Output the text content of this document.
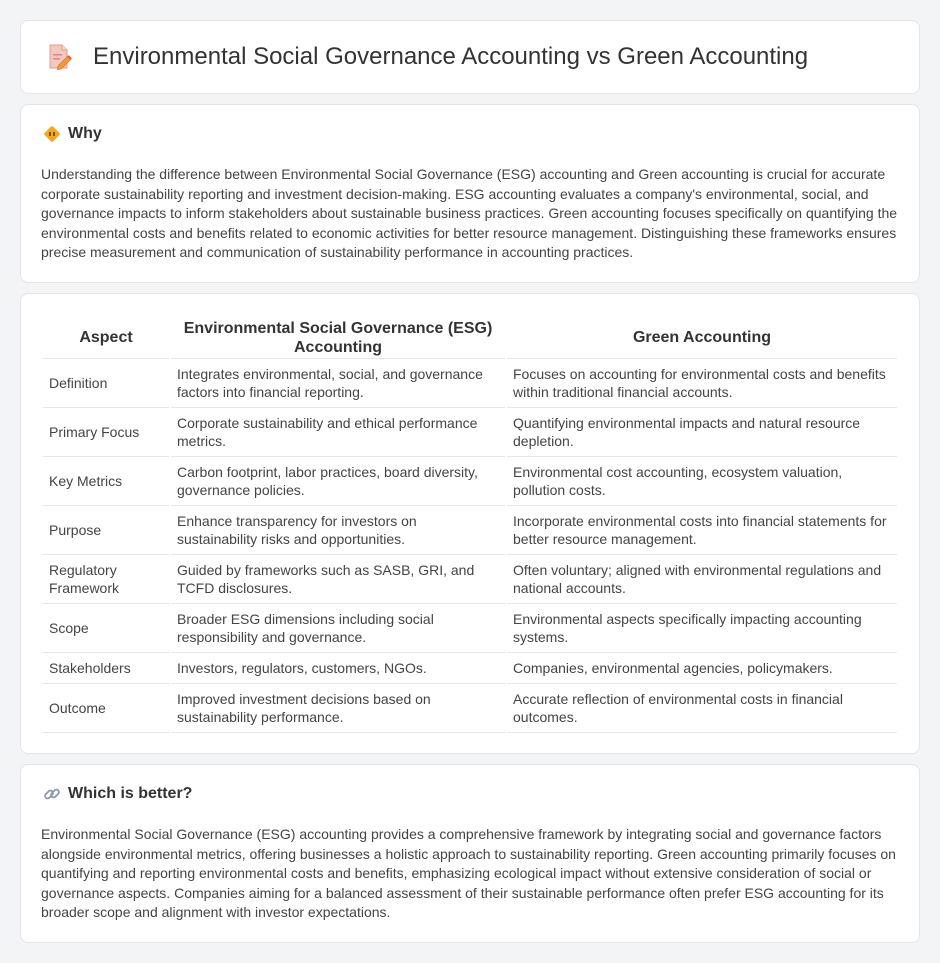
Environmental Social Governance Accounting vs Green Accounting
Why

Understanding the difference between Environmental Social Governance (ESG) accounting and Green accounting is crucial for accurate corporate sustainability reporting and investment decision-making. ESG accounting evaluates a company's environmental, social, and governance impacts to inform stakeholders about sustainable business practices. Green accounting focuses specifically on quantifying the environmental costs and benefits related to economic activities for better resource management. Distinguishing these frameworks ensures precise measurement and communication of sustainability performance in accounting practices.

Aspect	Environmental Social Governance (ESG) Accounting	Green Accounting
Definition	Integrates environmental, social, and governance factors into financial reporting.	Focuses on accounting for environmental costs and benefits within traditional financial accounts.
Primary Focus	Corporate sustainability and ethical performance metrics.	Quantifying environmental impacts and natural resource depletion.
Key Metrics	Carbon footprint, labor practices, board diversity, governance policies.	Environmental cost accounting, ecosystem valuation, pollution costs.
Purpose	Enhance transparency for investors on sustainability risks and opportunities.	Incorporate environmental costs into financial statements for better resource management.
Regulatory Framework	Guided by frameworks such as SASB, GRI, and TCFD disclosures.	Often voluntary; aligned with environmental regulations and national accounts.
Scope	Broader ESG dimensions including social responsibility and governance.	Environmental aspects specifically impacting accounting systems.
Stakeholders	Investors, regulators, customers, NGOs.	Companies, environmental agencies, policymakers.
Outcome	Improved investment decisions based on sustainability performance.	Accurate reflection of environmental costs in financial outcomes.
Which is better?

Environmental Social Governance (ESG) accounting provides a comprehensive framework by integrating social and governance factors alongside environmental metrics, offering businesses a holistic approach to sustainability reporting. Green accounting primarily focuses on quantifying and reporting environmental costs and benefits, emphasizing ecological impact without extensive consideration of social or governance aspects. Companies aiming for a balanced assessment of their sustainable performance often prefer ESG accounting for its broader scope and alignment with investor expectations.
